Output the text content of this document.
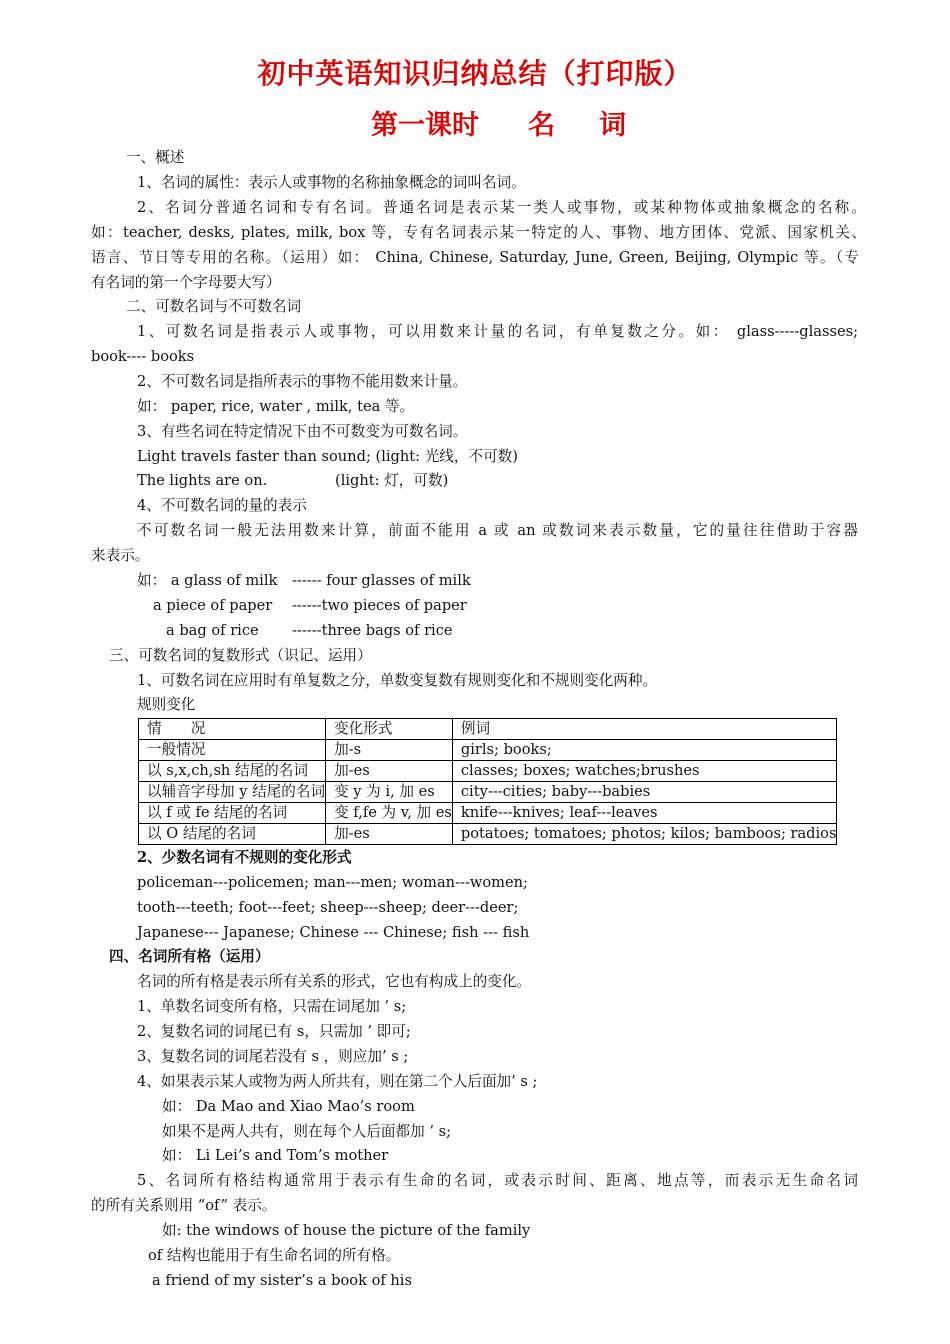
初中英语知识归纳总结（打印版）
第一课时 名 词
一、概述
1、名词的属性：表示人或事物的名称抽象概念的词叫名词。
2、名词分普通名词和专有名词。普通名词是表示某一类人或事物，或某种物体或抽象概念的名称。
如：teacher, desks, plates, milk, box 等，专有名词表示某一特定的人、事物、地方团体、党派、国家机关、
语言、节日等专用的名称。（运用）如： China, Chinese, Saturday, June, Green, Beijing, Olympic 等。（专
有名词的第一个字母要大写）
二、可数名词与不可数名词
1、可数名词是指表示人或事物，可以用数来计量的名词，有单复数之分。如： glass-----glasses;
book---- books
2、不可数名词是指所表示的事物不能用数来计量。
如： paper, rice, water , milk, tea 等。
3、有些名词在特定情况下由不可数变为可数名词。
Light travels faster than sound; (light: 光线，不可数)
The lights are on.	(light: 灯，可数)
4、不可数名词的量的表示
不可数名词一般无法用数来计算，前面不能用 a 或 an 或数词来表示数量，它的量往往借助于容器
来表示。
如： a glass of milk ------ four glasses of milk
a piece of paper ------two pieces of paper
a bag of rice ------three bags of rice
三、可数名词的复数形式（识记、运用）
1、可数名词在应用时有单复数之分，单数变复数有规则变化和不规则变化两种。
规则变化
情　　况	变化形式	例词
一般情况	加-s	girls; books;
以 s,x,ch,sh 结尾的名词	加-es	classes; boxes; watches;brushes
以辅音字母加 y 结尾的名词	变 y 为 i, 加 es	city---cities; baby---babies
以 f 或 fe 结尾的名词	变 f,fe 为 v, 加 es	knife---knives; leaf---leaves
以 O 结尾的名词	加-es	potatoes; tomatoes; photos; kilos; bamboos; radios
2、少数名词有不规则的变化形式
policeman---policemen; man---men; woman---women;
tooth---teeth; foot---feet; sheep---sheep; deer---deer;
Japanese--- Japanese; Chinese --- Chinese; fish --- fish
四、名词所有格（运用）
名词的所有格是表示所有关系的形式，它也有构成上的变化。
1、单数名词变所有格，只需在词尾加 ’ s;
2、复数名词的词尾已有 s，只需加 ’ 即可;
3、复数名词的词尾若没有 s ，则应加’ s ;
4、如果表示某人或物为两人所共有，则在第二个人后面加’ s ;
如： Da Mao and Xiao Mao’s room
如果不是两人共有，则在每个人后面都加 ’ s;
如： Li Lei’s and Tom’s mother
5、名词所有格结构通常用于表示有生命的名词，或表示时间、距离、地点等，而表示无生命名词
的所有关系则用 “of” 表示。
如: the windows of house the picture of the family
of 结构也能用于有生命名词的所有格。
a friend of my sister’s a book of his
